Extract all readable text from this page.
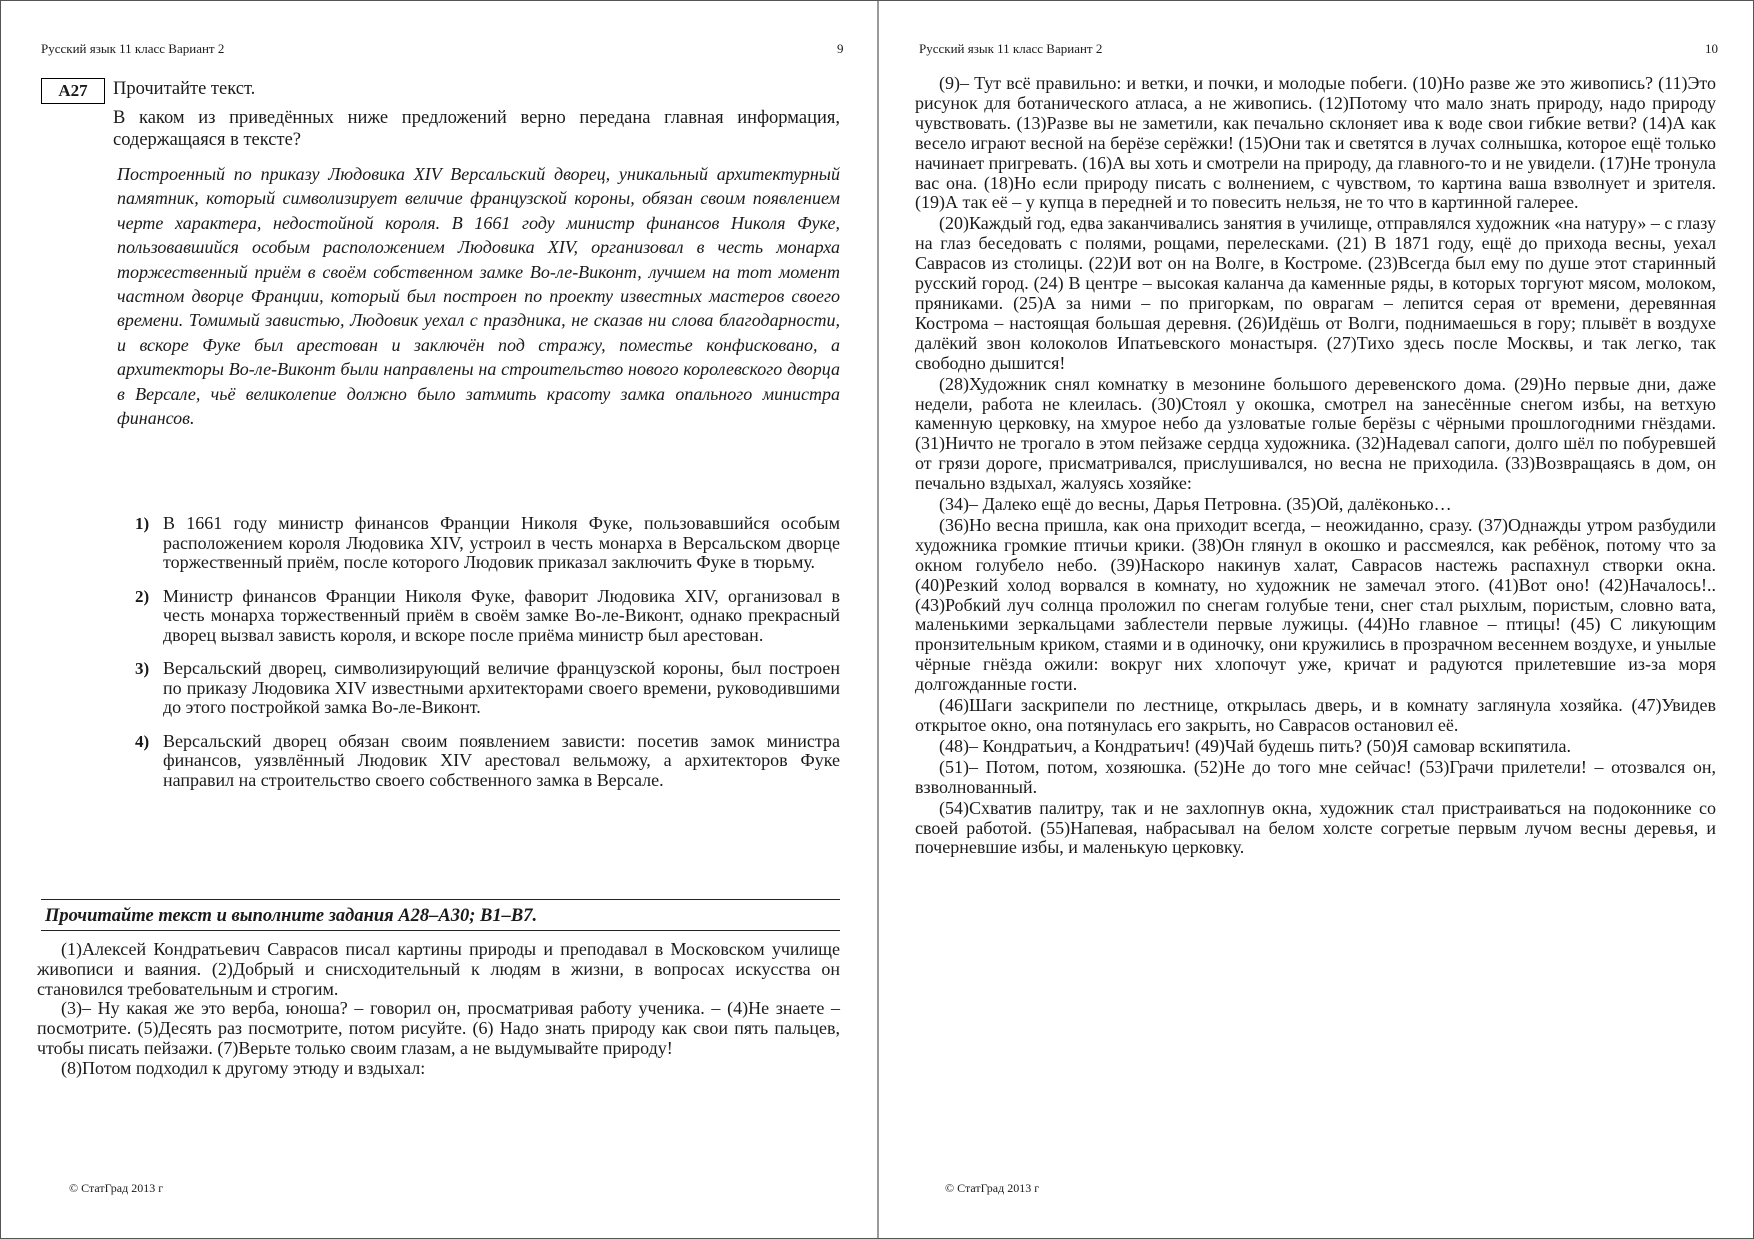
Русский язык 11 класс Вариант 2	9
А27	Прочитайте текст.
В каком из приведённых ниже предложений верно передана главная информация, содержащаяся в тексте?
Построенный по приказу Людовика XIV Версальский дворец, уникальный архитектурный памятник, который символизирует величие французской короны, обязан своим появлением черте характера, недостойной короля. В 1661 году министр финансов Николя Фуке, пользовавшийся особым расположением Людовика XIV, организовал в честь монарха торжественный приём в своём собственном замке Во-ле-Виконт, лучшем на тот момент частном дворце Франции, который был построен по проекту известных мастеров своего времени. Томимый завистью, Людовик уехал с праздника, не сказав ни слова благодарности, и вскоре Фуке был арестован и заключён под стражу, поместье конфисковано, а архитекторы Во-ле-Виконт были направлены на строительство нового королевского дворца в Версале, чьё великолепие должно было затмить красоту замка опального министра финансов.
1) В 1661 году министр финансов Франции Николя Фуке, пользовавшийся особым расположением короля Людовика XIV, устроил в честь монарха в Версальском дворце торжественный приём, после которого Людовик приказал заключить Фуке в тюрьму.
2) Министр финансов Франции Николя Фуке, фаворит Людовика XIV, организовал в честь монарха торжественный приём в своём замке Во-ле-Виконт, однако прекрасный дворец вызвал зависть короля, и вскоре после приёма министр был арестован.
3) Версальский дворец, символизирующий величие французской короны, был построен по приказу Людовика XIV известными архитекторами своего времени, руководившими до этого постройкой замка Во-ле-Виконт.
4) Версальский дворец обязан своим появлением зависти: посетив замок министра финансов, уязвлённый Людовик XIV арестовал вельможу, а архитекторов Фуке направил на строительство своего собственного замка в Версале.
Прочитайте текст и выполните задания А28–А30; В1–В7.

(1)Алексей Кондратьевич Саврасов писал картины природы и преподавал в Московском училище живописи и ваяния. (2)Добрый и снисходительный к людям в жизни, в вопросах искусства он становился требовательным и строгим.

(3)– Ну какая же это верба, юноша? – говорил он, просматривая работу ученика. – (4)Не знаете – посмотрите. (5)Десять раз посмотрите, потом рисуйте. (6) Надо знать природу как свои пять пальцев, чтобы писать пейзажи. (7)Верьте только своим глазам, а не выдумывайте природу!

(8)Потом подходил к другому этюду и вздыхал:

© СтатГрад 2013 г
Русский язык 11 класс Вариант 2	10

(9)– Тут всё правильно: и ветки, и почки, и молодые побеги. (10)Но разве же это живопись? (11)Это рисунок для ботанического атласа, а не живопись. (12)Потому что мало знать природу, надо природу чувствовать. (13)Разве вы не заметили, как печально склоняет ива к воде свои гибкие ветви? (14)А как весело играют весной на берёзе серёжки! (15)Они так и светятся в лучах солнышка, которое ещё только начинает пригревать. (16)А вы хоть и смотрели на природу, да главного-то и не увидели. (17)Не тронула вас она. (18)Но если природу писать с волнением, с чувством, то картина ваша взволнует и зрителя. (19)А так её – у купца в передней и то повесить нельзя, не то что в картинной галерее.

(20)Каждый год, едва заканчивались занятия в училище, отправлялся художник «на натуру» – с глазу на глаз беседовать с полями, рощами, перелесками. (21) В 1871 году, ещё до прихода весны, уехал Саврасов из столицы. (22)И вот он на Волге, в Костроме. (23)Всегда был ему по душе этот старинный русский город. (24) В центре – высокая каланча да каменные ряды, в которых торгуют мясом, молоком, пряниками. (25)А за ними – по пригоркам, по оврагам – лепится серая от времени, деревянная Кострома – настоящая большая деревня. (26)Идёшь от Волги, поднимаешься в гору; плывёт в воздухе далёкий звон колоколов Ипатьевского монастыря. (27)Тихо здесь после Москвы, и так легко, так свободно дышится!

(28)Художник снял комнатку в мезонине большого деревенского дома. (29)Но первые дни, даже недели, работа не клеилась. (30)Стоял у окошка, смотрел на занесённые снегом избы, на ветхую каменную церковку, на хмурое небо да узловатые голые берёзы с чёрными прошлогодними гнёздами. (31)Ничто не трогало в этом пейзаже сердца художника. (32)Надевал сапоги, долго шёл по побуревшей от грязи дороге, присматривался, прислушивался, но весна не приходила. (33)Возвращаясь в дом, он печально вздыхал, жалуясь хозяйке:

(34)– Далеко ещё до весны, Дарья Петровна. (35)Ой, далёконько…

(36)Но весна пришла, как она приходит всегда, – неожиданно, сразу. (37)Однажды утром разбудили художника громкие птичьи крики. (38)Он глянул в окошко и рассмеялся, как ребёнок, потому что за окном голубело небо. (39)Наскоро накинув халат, Саврасов настежь распахнул створки окна. (40)Резкий холод ворвался в комнату, но художник не замечал этого. (41)Вот оно! (42)Началось!.. (43)Робкий луч солнца проложил по снегам голубые тени, снег стал рыхлым, пористым, словно вата, маленькими зеркальцами заблестели первые лужицы. (44)Но главное – птицы! (45) С ликующим пронзительным криком, стаями и в одиночку, они кружились в прозрачном весеннем воздухе, и унылые чёрные гнёзда ожили: вокруг них хлопочут уже, кричат и радуются прилетевшие из-за моря долгожданные гости.

(46)Шаги заскрипели по лестнице, открылась дверь, и в комнату заглянула хозяйка. (47)Увидев открытое окно, она потянулась его закрыть, но Саврасов остановил её.

(48)– Кондратьич, а Кондратьич! (49)Чай будешь пить? (50)Я самовар вскипятила.

(51)– Потом, потом, хозяюшка. (52)Не до того мне сейчас! (53)Грачи прилетели! – отозвался он, взволнованный.

(54)Схватив палитру, так и не захлопнув окна, художник стал пристраиваться на подоконнике со своей работой. (55)Напевая, набрасывал на белом холсте согретые первым лучом весны деревья, и почерневшие избы, и маленькую церковку.

© СтатГрад 2013 г
